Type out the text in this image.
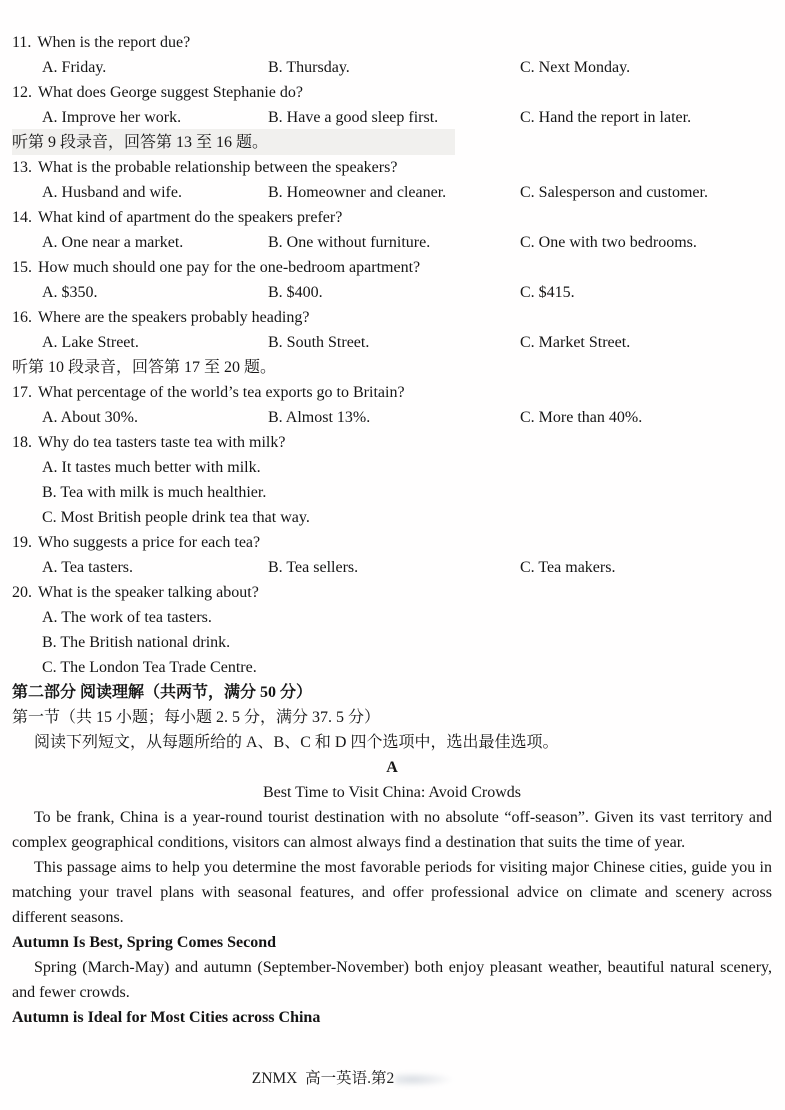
11. When is the report due?
A. Friday.	B. Thursday.	C. Next Monday.
12. What does George suggest Stephanie do?
A. Improve her work.	B. Have a good sleep first.	C. Hand the report in later.
听第 9 段录音，回答第 13 至 16 题。
13. What is the probable relationship between the speakers?
A. Husband and wife.	B. Homeowner and cleaner.	C. Salesperson and customer.
14. What kind of apartment do the speakers prefer?
A. One near a market.	B. One without furniture.	C. One with two bedrooms.
15. How much should one pay for the one-bedroom apartment?
A. $350.	B. $400.	C. $415.
16. Where are the speakers probably heading?
A. Lake Street.	B. South Street.	C. Market Street.
听第 10 段录音，回答第 17 至 20 题。
17. What percentage of the world’s tea exports go to Britain?
A. About 30%.	B. Almost 13%.	C. More than 40%.
18. Why do tea tasters taste tea with milk?
A. It tastes much better with milk.
B. Tea with milk is much healthier.
C. Most British people drink tea that way.
19. Who suggests a price for each tea?
A. Tea tasters.	B. Tea sellers.	C. Tea makers.
20. What is the speaker talking about?
A. The work of tea tasters.
B. The British national drink.
C. The London Tea Trade Centre.
第二部分 阅读理解（共两节，满分 50 分）
第一节（共 15 小题；每小题 2. 5 分，满分 37. 5 分）
阅读下列短文，从每题所给的 A、B、C 和 D 四个选项中，选出最佳选项。
A
Best Time to Visit China: Avoid Crowds

To be frank, China is a year-round tourist destination with no absolute “off-season”. Given its vast territory and complex geographical conditions, visitors can almost always find a destination that suits the time of year.

This passage aims to help you determine the most favorable periods for visiting major Chinese cities, guide you in matching your travel plans with seasonal features, and offer professional advice on climate and scenery across different seasons.

Autumn Is Best, Spring Comes Second

Spring (March-May) and autumn (September-November) both enjoy pleasant weather, beautiful natural scenery, and fewer crowds.

Autumn is Ideal for Most Cities across China
ZNMX  高一英语.第2
